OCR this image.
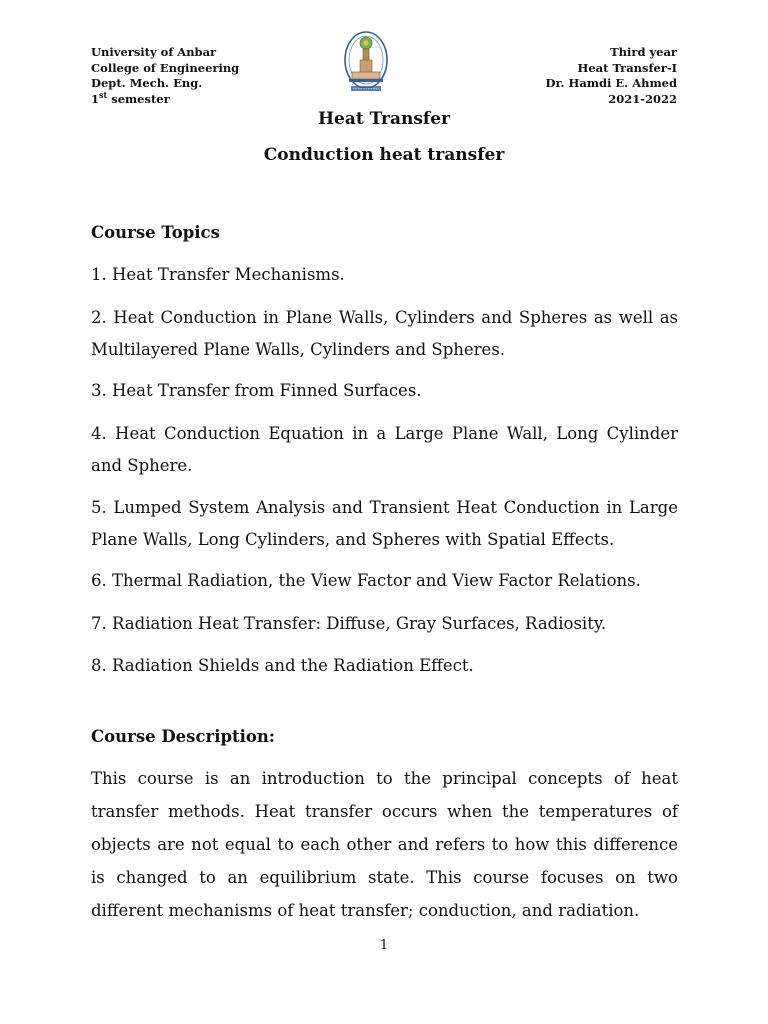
University of Anbar
College of Engineering
Dept. Mech. Eng.
1st semester
Third year
Heat Transfer-I
Dr. Hamdi E. Ahmed
2021-2022
Heat Transfer
Conduction heat transfer
Course Topics
1. Heat Transfer Mechanisms.
2. Heat Conduction in Plane Walls, Cylinders and Spheres as well as Multilayered Plane Walls, Cylinders and Spheres.
3. Heat Transfer from Finned Surfaces.
4. Heat Conduction Equation in a Large Plane Wall, Long Cylinder and Sphere.
5. Lumped System Analysis and Transient Heat Conduction in Large Plane Walls, Long Cylinders, and Spheres with Spatial Effects.
6. Thermal Radiation, the View Factor and View Factor Relations.
7. Radiation Heat Transfer: Diffuse, Gray Surfaces, Radiosity.
8. Radiation Shields and the Radiation Effect.
Course Description:
This course is an introduction to the principal concepts of heat transfer methods. Heat transfer occurs when the temperatures of objects are not equal to each other and refers to how this difference is changed to an equilibrium state. This course focuses on two different mechanisms of heat transfer; conduction, and radiation.
1
